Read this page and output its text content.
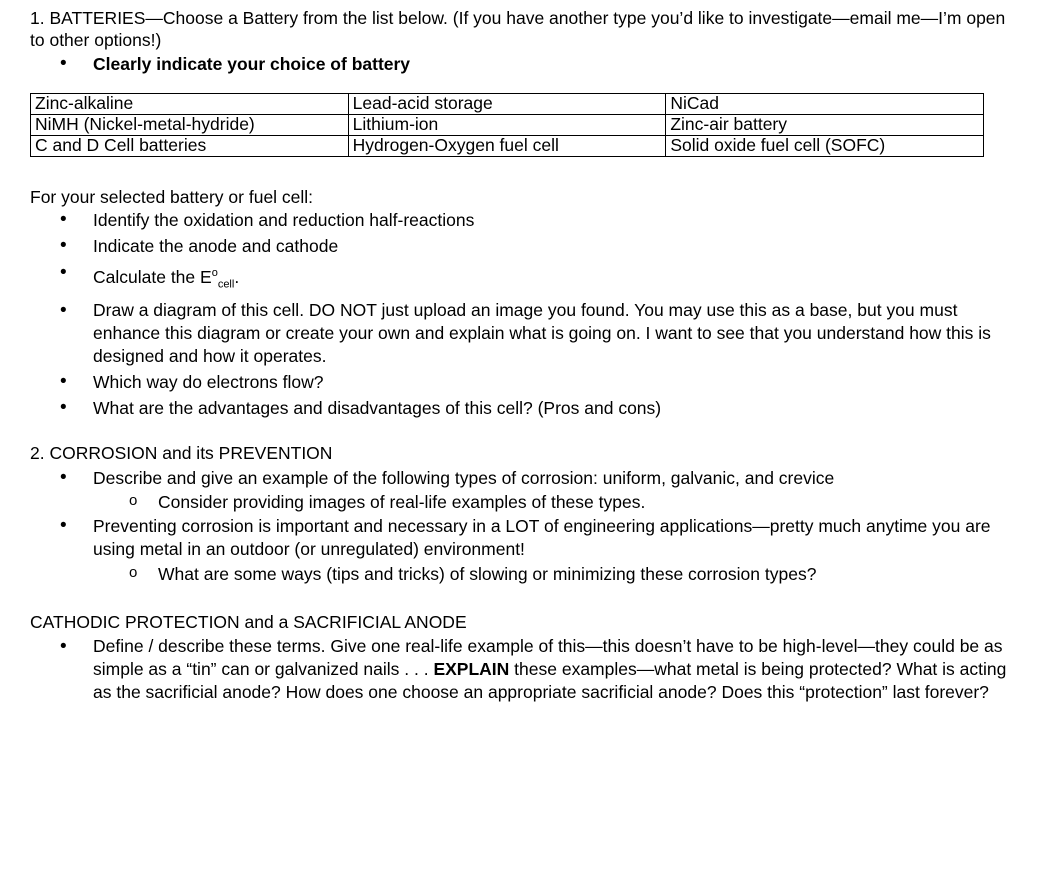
1. BATTERIES—Choose a Battery from the list below. (If you have another type you’d like to investigate—email me—I’m open to other options!)

• Clearly indicate your choice of battery
Zinc-alkaline	Lead-acid storage	NiCad
NiMH (Nickel-metal-hydride)	Lithium-ion	Zinc-air battery
C and D Cell batteries	Hydrogen-Oxygen fuel cell	Solid oxide fuel cell (SOFC)

For your selected battery or fuel cell:

• Identify the oxidation and reduction half-reactions
• Indicate the anode and cathode
• Calculate the $E^o_{cell}$.
• Draw a diagram of this cell. DO NOT just upload an image you found. You may use this as a base, but you must enhance this diagram or create your own and explain what is going on. I want to see that you understand how this is designed and how it operates.
• Which way do electrons flow?
• What are the advantages and disadvantages of this cell? (Pros and cons)

2. CORROSION and its PREVENTION

• Describe and give an example of the following types of corrosion: uniform, galvanic, and crevice
o Consider providing images of real-life examples of these types.
• Preventing corrosion is important and necessary in a LOT of engineering applications—pretty much anytime you are using metal in an outdoor (or unregulated) environment!
o What are some ways (tips and tricks) of slowing or minimizing these corrosion types?

CATHODIC PROTECTION and a SACRIFICIAL ANODE

• Define / describe these terms. Give one real-life example of this—this doesn’t have to be high-level—they could be as simple as a “tin” can or galvanized nails . . . EXPLAIN these examples—what metal is being protected? What is acting as the sacrificial anode? How does one choose an appropriate sacrificial anode? Does this “protection” last forever?
